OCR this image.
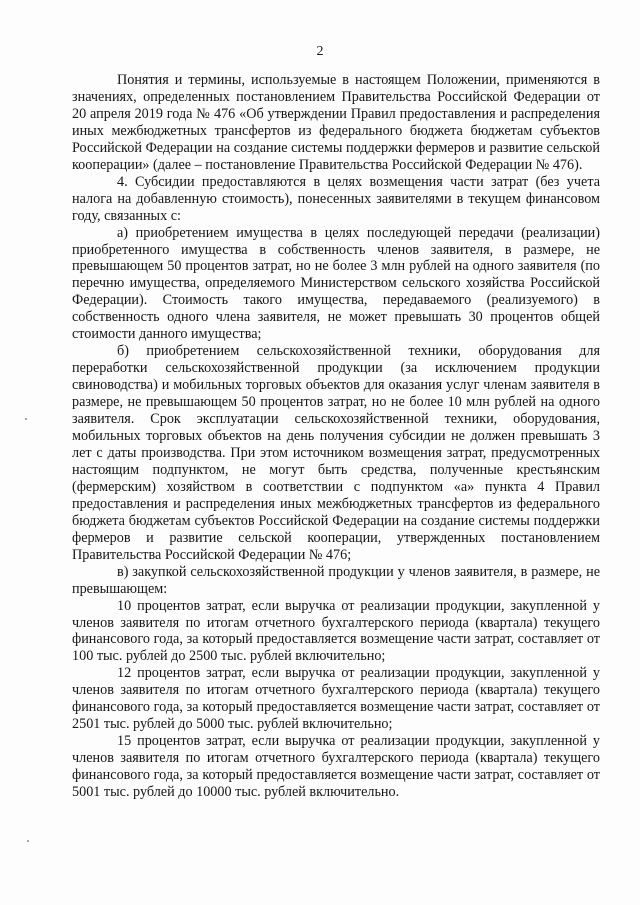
2

Понятия и термины, используемые в настоящем Положении, применяются в значениях, определенных постановлением Правительства Российской Федерации от 20 апреля 2019 года № 476 «Об утверждении Правил предоставления и распределения иных межбюджетных трансфертов из федерального бюджета бюджетам субъектов Российской Федерации на создание системы поддержки фермеров и развитие сельской кооперации» (далее – постановление Правительства Российской Федерации № 476).

4. Субсидии предоставляются в целях возмещения части затрат (без учета налога на добавленную стоимость), понесенных заявителями в текущем финансовом году, связанных с:

а) приобретением имущества в целях последующей передачи (реализации) приобретенного имущества в собственность членов заявителя, в размере, не превышающем 50 процентов затрат, но не более 3 млн рублей на одного заявителя (по перечню имущества, определяемого Министерством сельского хозяйства Российской Федерации). Стоимость такого имущества, передаваемого (реализуемого) в собственность одного члена заявителя, не может превышать 30 процентов общей стоимости данного имущества;

б) приобретением сельскохозяйственной техники, оборудования для переработки сельскохозяйственной продукции (за исключением продукции свиноводства) и мобильных торговых объектов для оказания услуг членам заявителя в размере, не превышающем 50 процентов затрат, но не более 10 млн рублей на одного заявителя. Срок эксплуатации сельскохозяйственной техники, оборудования, мобильных торговых объектов на день получения субсидии не должен превышать 3 лет с даты производства. При этом источником возмещения затрат, предусмотренных настоящим подпунктом, не могут быть средства, полученные крестьянским (фермерским) хозяйством в соответствии с подпунктом «а» пункта 4 Правил предоставления и распределения иных межбюджетных трансфертов из федерального бюджета бюджетам субъектов Российской Федерации на создание системы поддержки фермеров и развитие сельской кооперации, утвержденных постановлением Правительства Российской Федерации № 476;

в) закупкой сельскохозяйственной продукции у членов заявителя, в размере, не превышающем:

10 процентов затрат, если выручка от реализации продукции, закупленной у членов заявителя по итогам отчетного бухгалтерского периода (квартала) текущего финансового года, за который предоставляется возмещение части затрат, составляет от 100 тыс. рублей до 2500 тыс. рублей включительно;

12 процентов затрат, если выручка от реализации продукции, закупленной у членов заявителя по итогам отчетного бухгалтерского периода (квартала) текущего финансового года, за который предоставляется возмещение части затрат, составляет от 2501 тыс. рублей до 5000 тыс. рублей включительно;

15 процентов затрат, если выручка от реализации продукции, закупленной у членов заявителя по итогам отчетного бухгалтерского периода (квартала) текущего финансового года, за который предоставляется возмещение части затрат, составляет от 5001 тыс. рублей до 10000 тыс. рублей включительно.
